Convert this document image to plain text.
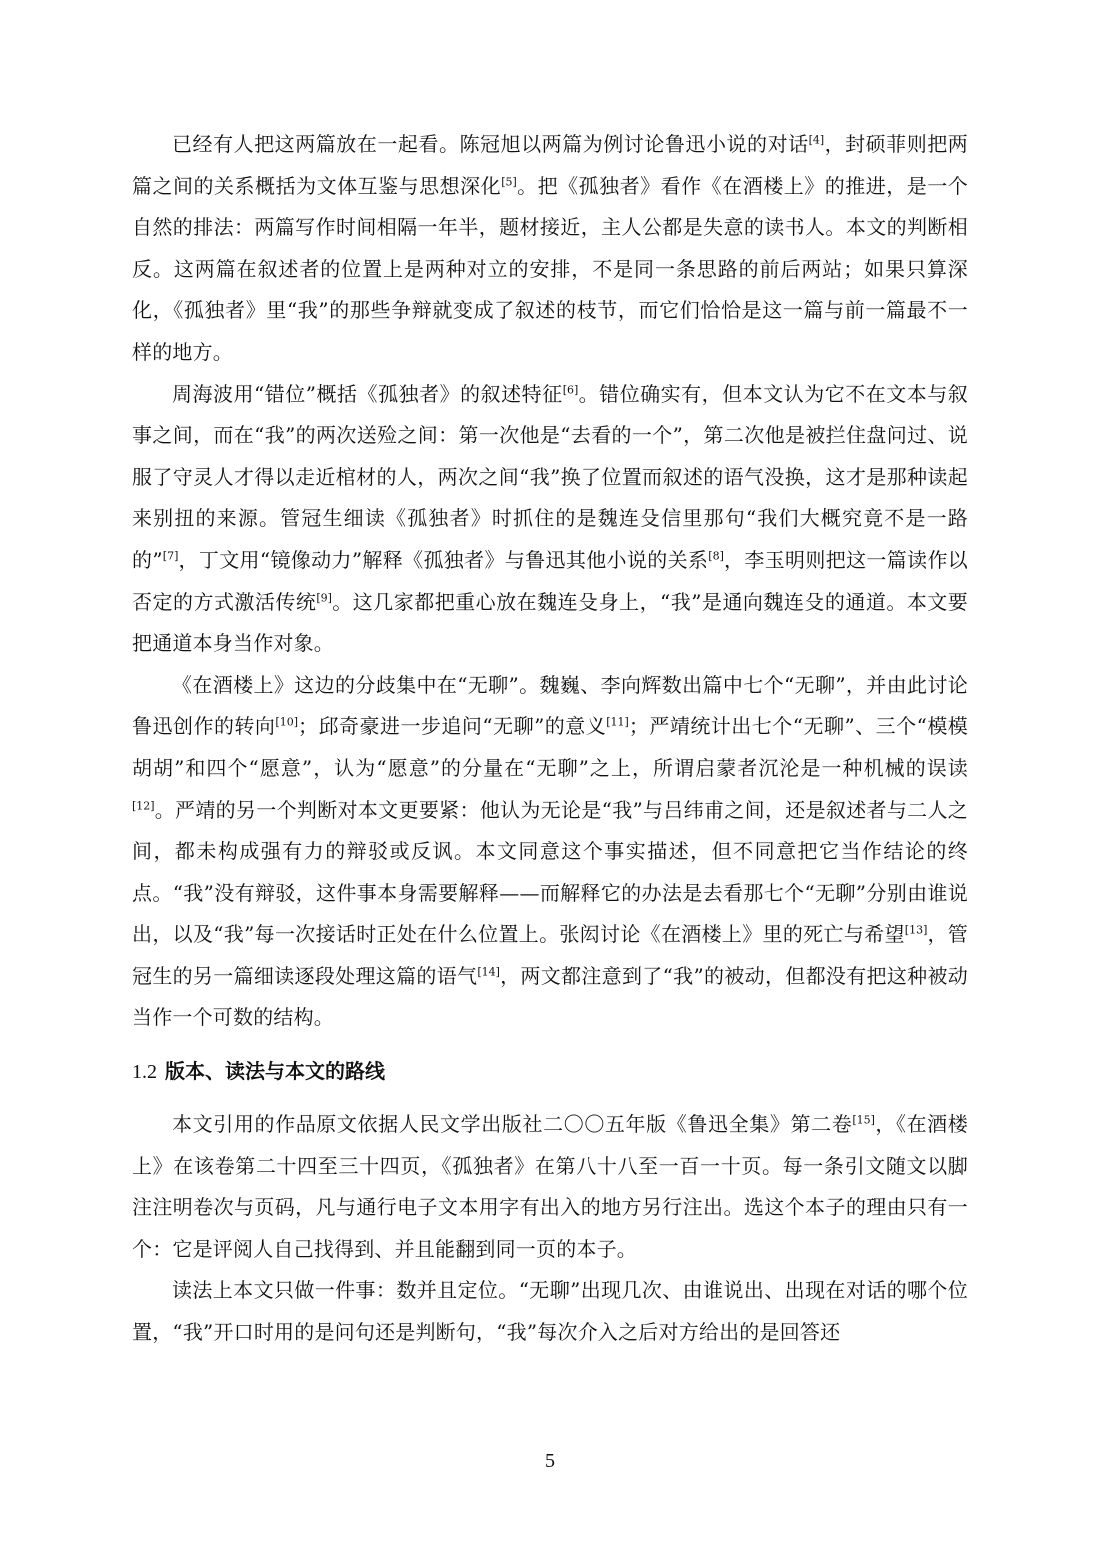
已经有人把这两篇放在一起看。陈冠旭以两篇为例讨论鲁迅小说的对话[4]，封硕菲则把两篇之间的关系概括为文体互鉴与思想深化[5]。把《孤独者》看作《在酒楼上》的推进，是一个自然的排法：两篇写作时间相隔一年半，题材接近，主人公都是失意的读书人。本文的判断相反。这两篇在叙述者的位置上是两种对立的安排，不是同一条思路的前后两站；如果只算深化，《孤独者》里“我”的那些争辩就变成了叙述的枝节，而它们恰恰是这一篇与前一篇最不一样的地方。

周海波用“错位”概括《孤独者》的叙述特征[6]。错位确实有，但本文认为它不在文本与叙事之间，而在“我”的两次送殓之间：第一次他是“去看的一个”，第二次他是被拦住盘问过、说服了守灵人才得以走近棺材的人，两次之间“我”换了位置而叙述的语气没换，这才是那种读起来别扭的来源。管冠生细读《孤独者》时抓住的是魏连殳信里那句“我们大概究竟不是一路的”[7]，丁文用“镜像动力”解释《孤独者》与鲁迅其他小说的关系[8]，李玉明则把这一篇读作以否定的方式激活传统[9]。这几家都把重心放在魏连殳身上，“我”是通向魏连殳的通道。本文要把通道本身当作对象。

《在酒楼上》这边的分歧集中在“无聊”。魏巍、李向辉数出篇中七个“无聊”，并由此讨论鲁迅创作的转向[10]；邱奇豪进一步追问“无聊”的意义[11]；严靖统计出七个“无聊”、三个“模模胡胡”和四个“愿意”，认为“愿意”的分量在“无聊”之上，所谓启蒙者沉沦是一种机械的误读[12]。严靖的另一个判断对本文更要紧：他认为无论是“我”与吕纬甫之间，还是叙述者与二人之间，都未构成强有力的辩驳或反讽。本文同意这个事实描述，但不同意把它当作结论的终点。“我”没有辩驳，这件事本身需要解释——而解释它的办法是去看那七个“无聊”分别由谁说出，以及“我”每一次接话时正处在什么位置上。张闳讨论《在酒楼上》里的死亡与希望[13]，管冠生的另一篇细读逐段处理这篇的语气[14]，两文都注意到了“我”的被动，但都没有把这种被动当作一个可数的结构。

1.2 版本、读法与本文的路线

本文引用的作品原文依据人民文学出版社二〇〇五年版《鲁迅全集》第二卷[15]，《在酒楼上》在该卷第二十四至三十四页，《孤独者》在第八十八至一百一十页。每一条引文随文以脚注注明卷次与页码，凡与通行电子文本用字有出入的地方另行注出。选这个本子的理由只有一个：它是评阅人自己找得到、并且能翻到同一页的本子。

读法上本文只做一件事：数并且定位。“无聊”出现几次、由谁说出、出现在对话的哪个位置，“我”开口时用的是问句还是判断句，“我”每次介入之后对方给出的是回答还

5
